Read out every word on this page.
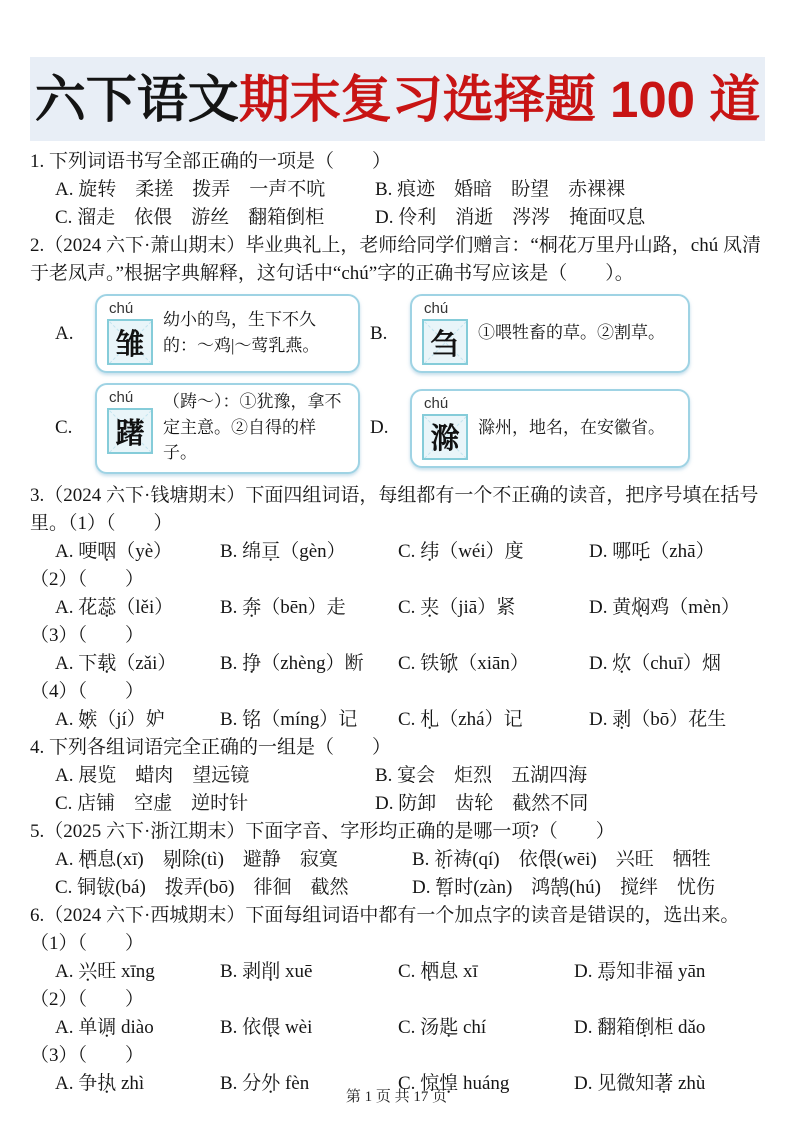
六下语文 期末复习选择题 100 道
1. 下列词语书写全部正确的一项是（　　）
A. 旋转　柔搓　拨弄　一声不吭	B. 痕迹　婚暗　盼望　赤裸裸
C. 溜走　依偎　游丝　翻箱倒柜	D. 伶利　消逝　涔涔　掩面叹息
2.（2024 六下·萧山期末）毕业典礼上，老师给同学们赠言：“桐花万里丹山路，chú 凤清
于老凤声。”根据字典解释，这句话中“chú”字的正确书写应该是（　　）。
A.
chú
雏
幼小的鸟，生下不久的：～鸡|～莺乳燕。
B.
chú
刍 ①喂牲畜的草。②割草。
C.
chú
躇
（踌～）：①犹豫，拿不定主意。②自得的样子。
D.
chú
滁 滁州，地名，在安徽省。
3.（2024 六下·钱塘期末）下面四组词语，每组都有一个不正确的读音，把序号填在括号
里。（1）（　　）
A. 哽咽（yè）	B. 绵亘（gèn）	C. 纬（wéi）度	D. 哪吒（zhā）
（2）（　　）
A. 花蕊（lěi）	B. 奔（bēn）走	C. 夹（jiā）紧	D. 黄焖鸡（mèn）
（3）（　　）
A. 下载（zǎi）	B. 挣（zhèng）断	C. 铁锨（xiān）	D. 炊（chuī）烟
（4）（　　）
A. 嫉（jí）妒	B. 铭（míng）记	C. 札（zhá）记	D. 剥（bō）花生
4. 下列各组词语完全正确的一组是（　　）
A. 展览　蜡肉　望远镜	B. 宴会　炬烈　五湖四海
C. 店铺　空虚　逆时针	D. 防卸　齿轮　截然不同
5.（2025 六下·浙江期末）下面字音、字形均正确的是哪一项?（　　）
A. 栖息(xī)　剔除(tì)　避静　寂寞	B. 祈祷(qí)　依偎(wēi)　兴旺　牺牲
C. 铜钹(bá)　拨弄(bō)　徘徊　截然	D. 暂时(zàn)　鸿鹄(hú)　搅绊　忧伤
6.（2024 六下·西城期末）下面每组词语中都有一个加点字的读音是错误的，选出来。
（1）（　　）
A. 兴旺 xīng	B. 剥削 xuē	C. 栖息 xī	D. 焉知非福 yān
（2）（　　）
A. 单调 diào	B. 依偎 wèi	C. 汤匙 chí	D. 翻箱倒柜 dǎo
（3）（　　）
A. 争执 zhì	B. 分外 fèn	C. 惊惶 huáng	D. 见微知著 zhù
第 1 页 共 17 页
